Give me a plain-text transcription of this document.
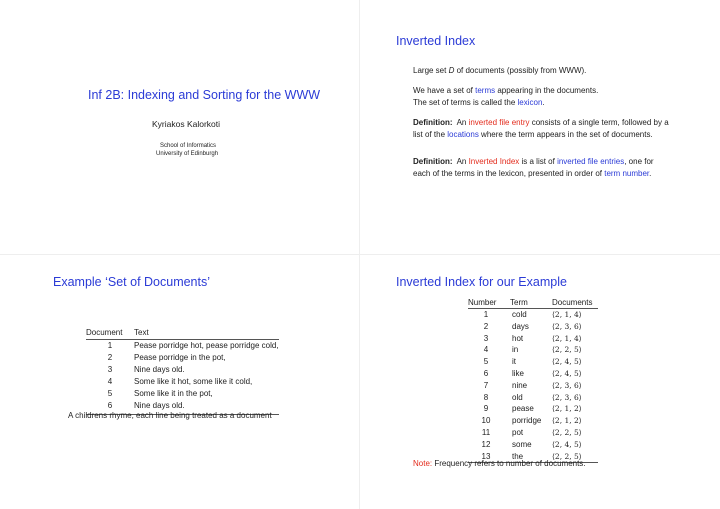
Inf 2B: Indexing and Sorting for the WWW
Kyriakos Kalorkoti
School of Informatics
University of Edinburgh
Inverted Index
Large set D of documents (possibly from WWW).
We have a set of terms appearing in the documents.
The set of terms is called the lexicon.
Definition: An inverted file entry consists of a single term, followed by a list of the locations where the term appears in the set of documents.
Definition: An Inverted Index is a list of inverted file entries, one for each of the terms in the lexicon, presented in order of term number.
Example ‘Set of Documents’
Document	Text
1	Pease porridge hot, pease porridge cold,
2	Pease porridge in the pot,
3	Nine days old.
4	Some like it hot, some like it cold,
5	Some like it in the pot,
6	Nine days old.
A childrens rhyme, each line being treated as a document
Inverted Index for our Example
Number	Term	Documents
1	cold	⟨2, 1, 4⟩
2	days	⟨2, 3, 6⟩
3	hot	⟨2, 1, 4⟩
4	in	⟨2, 2, 5⟩
5	it	⟨2, 4, 5⟩
6	like	⟨2, 4, 5⟩
7	nine	⟨2, 3, 6⟩
8	old	⟨2, 3, 6⟩
9	pease	⟨2, 1, 2⟩
10	porridge	⟨2, 1, 2⟩
11	pot	⟨2, 2, 5⟩
12	some	⟨2, 4, 5⟩
13	the	⟨2, 2, 5⟩
Note: Frequency refers to number of documents.
